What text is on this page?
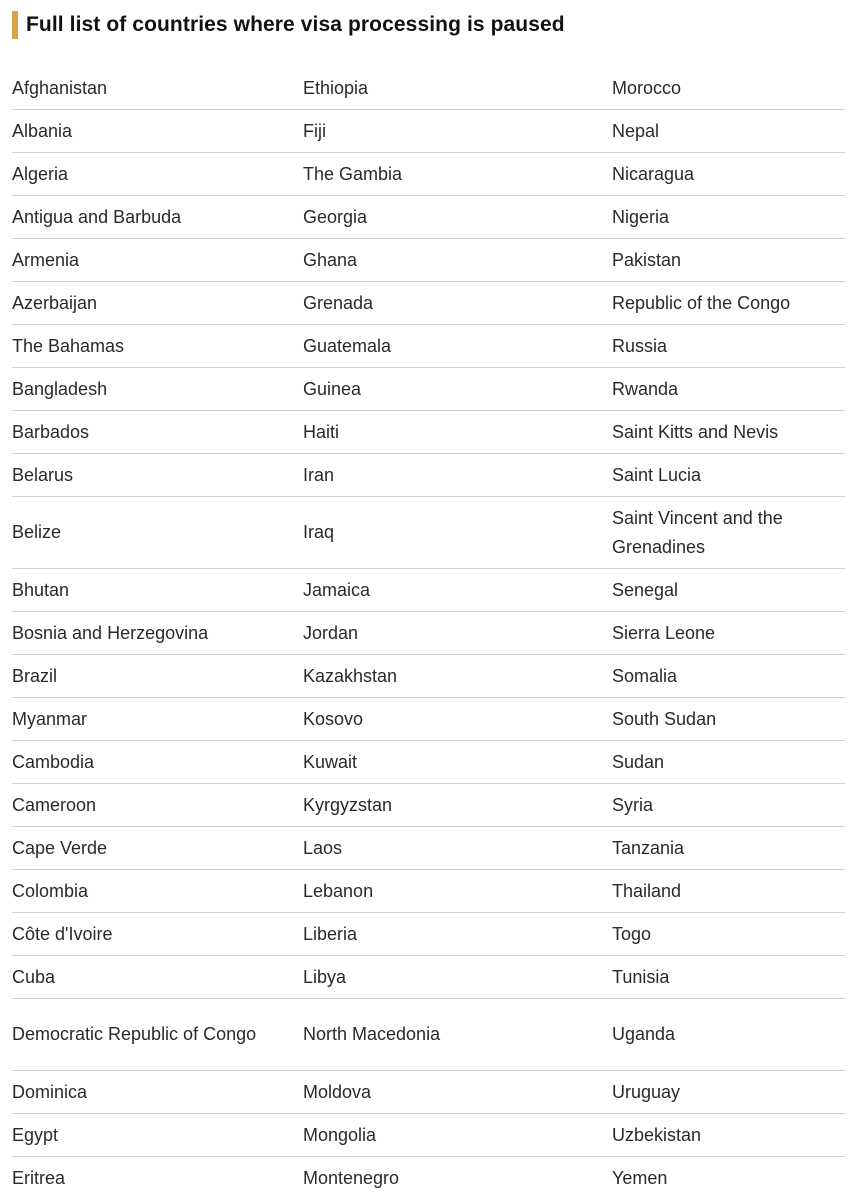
Full list of countries where visa processing is paused
Afghanistan	Ethiopia	Morocco
Albania	Fiji	Nepal
Algeria	The Gambia	Nicaragua
Antigua and Barbuda	Georgia	Nigeria
Armenia	Ghana	Pakistan
Azerbaijan	Grenada	Republic of the Congo
The Bahamas	Guatemala	Russia
Bangladesh	Guinea	Rwanda
Barbados	Haiti	Saint Kitts and Nevis
Belarus	Iran	Saint Lucia
Belize	Iraq	Saint Vincent and the Grenadines
Bhutan	Jamaica	Senegal
Bosnia and Herzegovina	Jordan	Sierra Leone
Brazil	Kazakhstan	Somalia
Myanmar	Kosovo	South Sudan
Cambodia	Kuwait	Sudan
Cameroon	Kyrgyzstan	Syria
Cape Verde	Laos	Tanzania
Colombia	Lebanon	Thailand
Côte d'Ivoire	Liberia	Togo
Cuba	Libya	Tunisia
Democratic Republic of Congo	North Macedonia	Uganda
Dominica	Moldova	Uruguay
Egypt	Mongolia	Uzbekistan
Eritrea	Montenegro	Yemen
